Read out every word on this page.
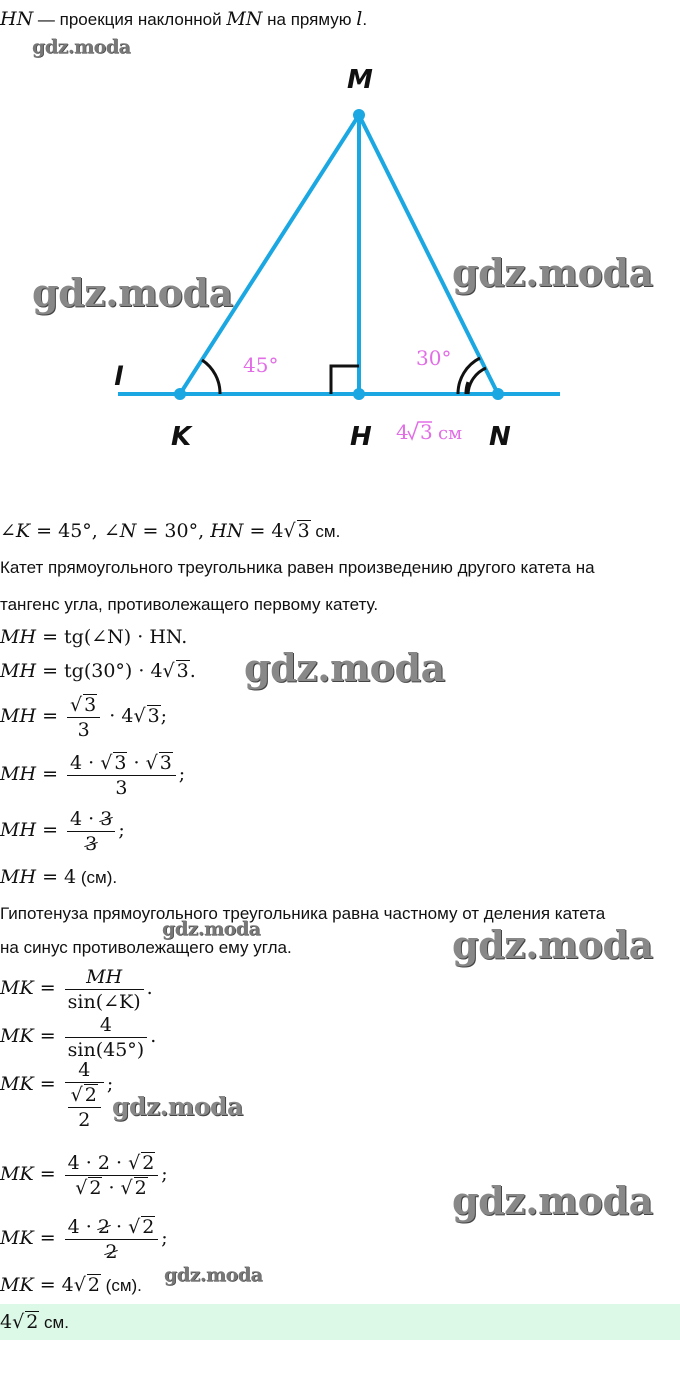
HN — проекция наклонной MN на прямую l.
M
l
K	H	N
45°	30°
4 3 см
∠K = 45°, ∠N = 30°, HN = 4√ 3 см.
Катет прямоугольного треугольника равен произведению другого катета на
тангенс угла, противолежащего первому катету.
MH = tg(∠N) · HN.
MH = tg(30°) · 4√ 3.
MH = $\frac{√ 3}{3} \cdot 4√$ 3;
MH = $\frac{4 \cdot √ 3 \cdot √ 3}{3}$ ;
MH = $\frac{4 \cdot 3}{3}$ ;
MH = 4 (см).
Гипотенуза прямоугольного треугольника равна частному от деления катета
на синус противолежащего ему угла.
MK = $\frac{MH}{\sin(\angle K)}$ .
MK = $\frac{4}{\sin(45^\circ)}$ .
MK = $\frac{4}{\frac{√ 2}{2}}$ ;
MK = $\frac{4 \cdot 2 \cdot √ 2}{√ 2 \cdot √ 2}$ ;
MK = $\frac{4 \cdot 2 \cdot √ 2}{2}$ ;
MK = 4√ 2 (см).
4√ 2 см.
gdz.moda
gdz.moda	gdz.moda
gdz.moda
gdz.moda
gdz.moda
gdz.moda
gdz.moda
gdz.moda
